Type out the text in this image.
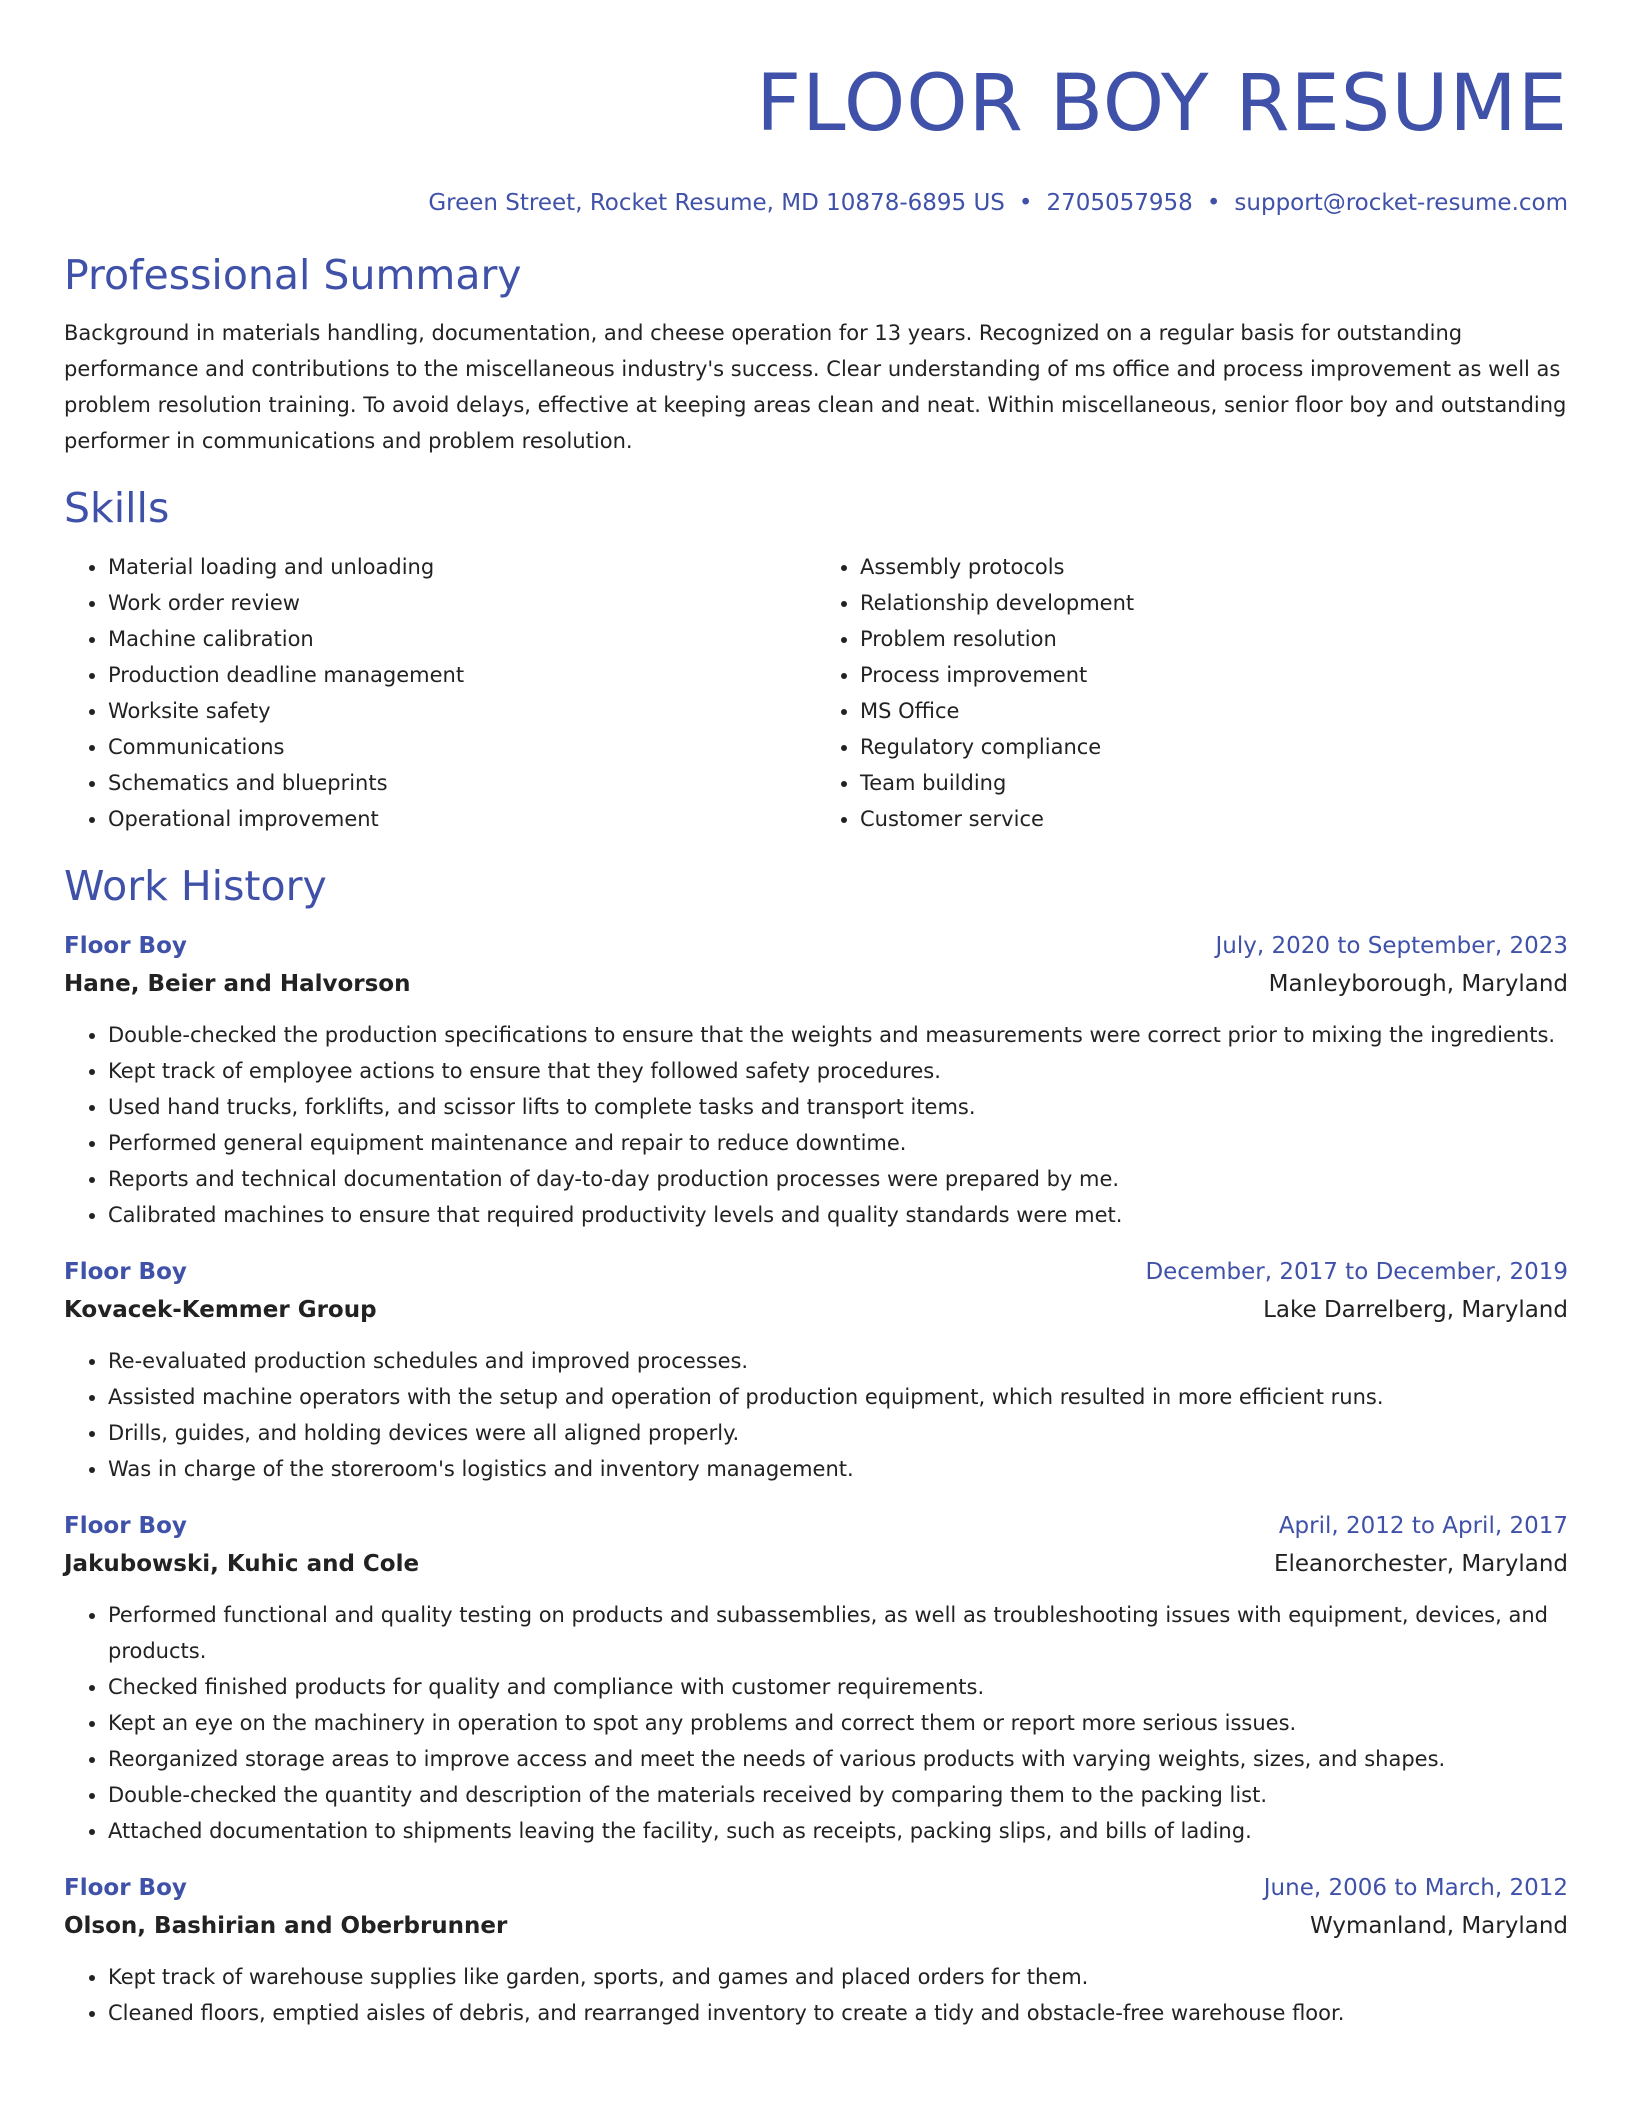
FLOOR BOY RESUME
Green Street, Rocket Resume, MD 10878-6895 US • 2705057958 • support@rocket-resume.com
Professional Summary

Background in materials handling, documentation, and cheese operation for 13 years. Recognized on a regular basis for outstanding performance and contributions to the miscellaneous industry's success. Clear understanding of ms office and process improvement as well as problem resolution training. To avoid delays, effective at keeping areas clean and neat. Within miscellaneous, senior floor boy and outstanding performer in communications and problem resolution.

Skills
• Material loading and unloading
• Work order review
• Machine calibration
• Production deadline management
• Worksite safety
• Communications
• Schematics and blueprints
• Operational improvement
• Assembly protocols
• Relationship development
• Problem resolution
• Process improvement
• MS Office
• Regulatory compliance
• Team building
• Customer service
Work History
Floor Boy	July, 2020 to September, 2023
Hane, Beier and Halvorson	Manleyborough, Maryland
• Double-checked the production specifications to ensure that the weights and measurements were correct prior to mixing the ingredients.
• Kept track of employee actions to ensure that they followed safety procedures.
• Used hand trucks, forklifts, and scissor lifts to complete tasks and transport items.
• Performed general equipment maintenance and repair to reduce downtime.
• Reports and technical documentation of day-to-day production processes were prepared by me.
• Calibrated machines to ensure that required productivity levels and quality standards were met.
Floor Boy	December, 2017 to December, 2019
Kovacek-Kemmer Group	Lake Darrelberg, Maryland
• Re-evaluated production schedules and improved processes.
• Assisted machine operators with the setup and operation of production equipment, which resulted in more efficient runs.
• Drills, guides, and holding devices were all aligned properly.
• Was in charge of the storeroom's logistics and inventory management.
Floor Boy	April, 2012 to April, 2017
Jakubowski, Kuhic and Cole	Eleanorchester, Maryland
• Performed functional and quality testing on products and subassemblies, as well as troubleshooting issues with equipment, devices, and products.
• Checked finished products for quality and compliance with customer requirements.
• Kept an eye on the machinery in operation to spot any problems and correct them or report more serious issues.
• Reorganized storage areas to improve access and meet the needs of various products with varying weights, sizes, and shapes.
• Double-checked the quantity and description of the materials received by comparing them to the packing list.
• Attached documentation to shipments leaving the facility, such as receipts, packing slips, and bills of lading.
Floor Boy	June, 2006 to March, 2012
Olson, Bashirian and Oberbrunner	Wymanland, Maryland
• Kept track of warehouse supplies like garden, sports, and games and placed orders for them.
• Cleaned floors, emptied aisles of debris, and rearranged inventory to create a tidy and obstacle-free warehouse floor.
